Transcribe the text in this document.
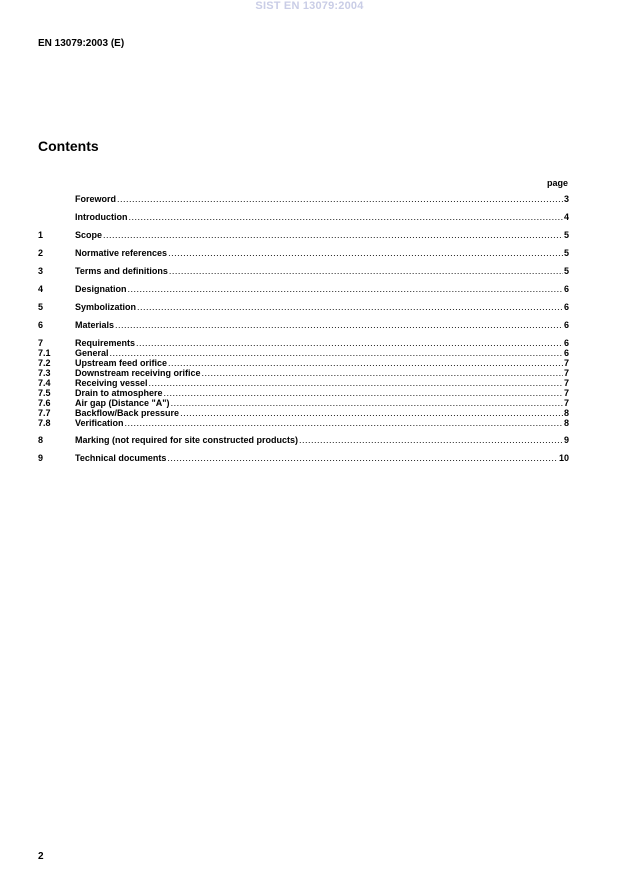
SIST EN 13079:2004
EN 13079:2003 (E)
Contents
page
Foreword .....	3
Introduction .....	4
1	Scope .....	5
2	Normative references .....	5
3	Terms and definitions .....	5
4	Designation .....	6
5	Symbolization .....	6
6	Materials .....	6
7	Requirements .....	6
7.1	General .....	6
7.2	Upstream feed orifice .....	7
7.3	Downstream receiving orifice .....	7
7.4	Receiving vessel .....	7
7.5	Drain to atmosphere .....	7
7.6	Air gap (Distance "A") .....	7
7.7	Backflow/Back pressure .....	8
7.8	Verification .....	8
8	Marking (not required for site constructed products) .....	9
9	Technical documents .....	10
2
